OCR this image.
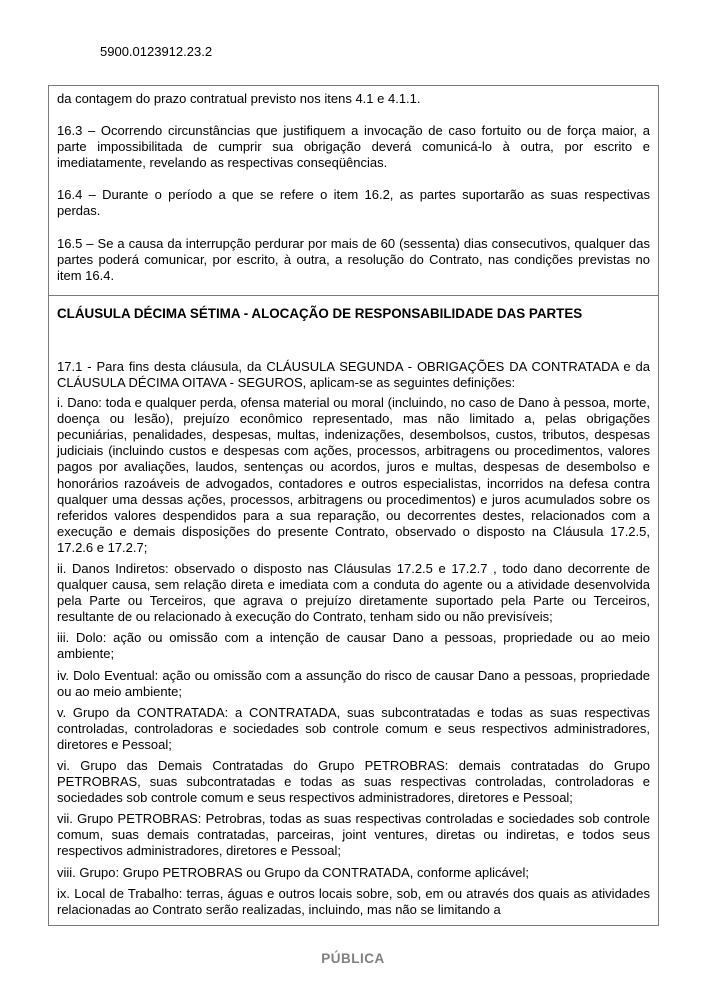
5900.0123912.23.2

da contagem do prazo contratual previsto nos itens 4.1 e 4.1.1.

16.3 – Ocorrendo circunstâncias que justifiquem a invocação de caso fortuito ou de força maior, a parte impossibilitada de cumprir sua obrigação deverá comunicá-lo à outra, por escrito e imediatamente, revelando as respectivas conseqüências.

16.4 – Durante o período a que se refere o item 16.2, as partes suportarão as suas respectivas perdas.

16.5 – Se a causa da interrupção perdurar por mais de 60 (sessenta) dias consecutivos, qualquer das partes poderá comunicar, por escrito, à outra, a resolução do Contrato, nas condições previstas no item 16.4.

CLÁUSULA DÉCIMA SÉTIMA - ALOCAÇÃO DE RESPONSABILIDADE DAS PARTES

17.1 - Para fins desta cláusula, da CLÁUSULA SEGUNDA - OBRIGAÇÕES DA CONTRATADA e da CLÁUSULA DÉCIMA OITAVA - SEGUROS, aplicam-se as seguintes definições:

i. Dano: toda e qualquer perda, ofensa material ou moral (incluindo, no caso de Dano à pessoa, morte, doença ou lesão), prejuízo econômico representado, mas não limitado a, pelas obrigações pecuniárias, penalidades, despesas, multas, indenizações, desembolsos, custos, tributos, despesas judiciais (incluindo custos e despesas com ações, processos, arbitragens ou procedimentos, valores pagos por avaliações, laudos, sentenças ou acordos, juros e multas, despesas de desembolso e honorários razoáveis de advogados, contadores e outros especialistas, incorridos na defesa contra qualquer uma dessas ações, processos, arbitragens ou procedimentos) e juros acumulados sobre os referidos valores despendidos para a sua reparação, ou decorrentes destes, relacionados com a execução e demais disposições do presente Contrato, observado o disposto na Cláusula 17.2.5, 17.2.6 e 17.2.7;

ii. Danos Indiretos: observado o disposto nas Cláusulas 17.2.5 e 17.2.7 , todo dano decorrente de qualquer causa, sem relação direta e imediata com a conduta do agente ou a atividade desenvolvida pela Parte ou Terceiros, que agrava o prejuízo diretamente suportado pela Parte ou Terceiros, resultante de ou relacionado à execução do Contrato, tenham sido ou não previsíveis;

iii. Dolo: ação ou omissão com a intenção de causar Dano a pessoas, propriedade ou ao meio ambiente;

iv. Dolo Eventual: ação ou omissão com a assunção do risco de causar Dano a pessoas, propriedade ou ao meio ambiente;

v. Grupo da CONTRATADA: a CONTRATADA, suas subcontratadas e todas as suas respectivas controladas, controladoras e sociedades sob controle comum e seus respectivos administradores, diretores e Pessoal;

vi. Grupo das Demais Contratadas do Grupo PETROBRAS: demais contratadas do Grupo PETROBRAS, suas subcontratadas e todas as suas respectivas controladas, controladoras e sociedades sob controle comum e seus respectivos administradores, diretores e Pessoal;

vii. Grupo PETROBRAS: Petrobras, todas as suas respectivas controladas e sociedades sob controle comum, suas demais contratadas, parceiras, joint ventures, diretas ou indiretas, e todos seus respectivos administradores, diretores e Pessoal;

viii. Grupo: Grupo PETROBRAS ou Grupo da CONTRATADA, conforme aplicável;

ix. Local de Trabalho: terras, águas e outros locais sobre, sob, em ou através dos quais as atividades relacionadas ao Contrato serão realizadas, incluindo, mas não se limitando a

PÚBLICA
